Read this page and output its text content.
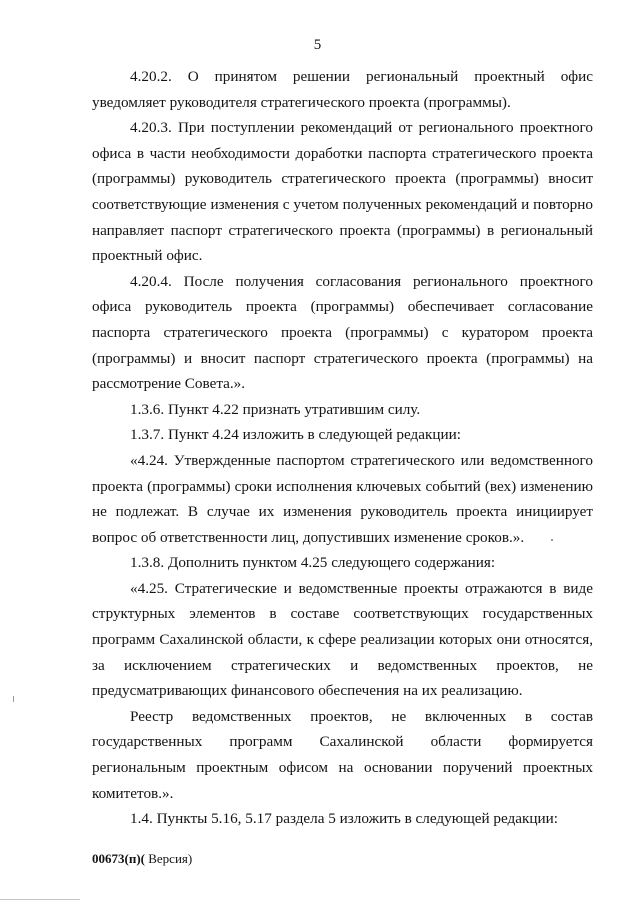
5

4.20.2. О принятом решении региональный проектный офис уведомляет руководителя стратегического проекта (программы).

4.20.3. При поступлении рекомендаций от регионального проектного офиса в части необходимости доработки паспорта стратегического проекта (программы) руководитель стратегического проекта (программы) вносит соответствующие изменения с учетом полученных рекомендаций и повторно направляет паспорт стратегического проекта (программы) в региональный проектный офис.

4.20.4. После получения согласования регионального проектного офиса руководитель проекта (программы) обеспечивает согласование паспорта стратегического проекта (программы) с куратором проекта (программы) и вносит паспорт стратегического проекта (программы) на рассмотрение Совета.».

1.3.6. Пункт 4.22 признать утратившим силу.

1.3.7. Пункт 4.24 изложить в следующей редакции:

«4.24. Утвержденные паспортом стратегического или ведомственного проекта (программы) сроки исполнения ключевых событий (вех) изменению не подлежат. В случае их изменения руководитель проекта инициирует вопрос об ответственности лиц, допустивших изменение сроков.».

1.3.8. Дополнить пунктом 4.25 следующего содержания:

«4.25. Стратегические и ведомственные проекты отражаются в виде структурных элементов в составе соответствующих государственных программ Сахалинской области, к сфере реализации которых они относятся, за исключением стратегических и ведомственных проектов, не предусматривающих финансового обеспечения на их реализацию.

Реестр ведомственных проектов, не включенных в состав государственных программ Сахалинской области формируется региональным проектным офисом на основании поручений проектных комитетов.».

1.4. Пункты 5.16, 5.17 раздела 5 изложить в следующей редакции:

00673(п)( Версия)
